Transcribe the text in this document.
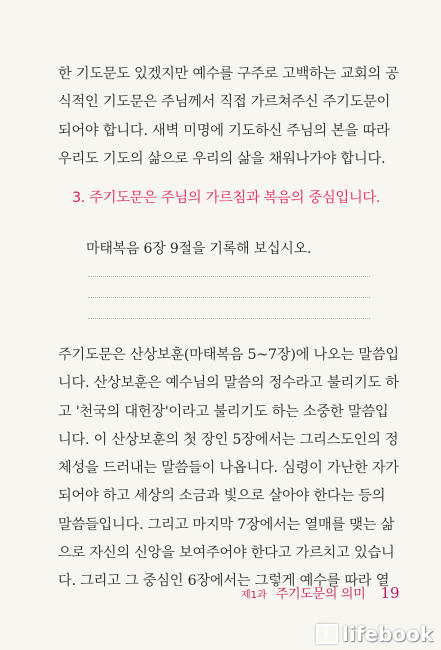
한 기도문도 있겠지만 예수를 구주로 고백하는 교회의 공
식적인 기도문은 주님께서 직접 가르쳐주신 주기도문이
되어야 합니다. 새벽 미명에 기도하신 주님의 본을 따라
우리도 기도의 삶으로 우리의 삶을 채워나가야 합니다.
3. 주기도문은 주님의 가르침과 복음의 중심입니다.
마태복음 6장 9절을 기록해 보십시오.
주기도문은 산상보훈(마태복음 5~7장)에 나오는 말씀입
니다. 산상보훈은 예수님의 말씀의 정수라고 불리기도 하
고 '천국의 대헌장'이라고 불리기도 하는 소중한 말씀입
니다. 이 산상보훈의 첫 장인 5장에서는 그리스도인의 정
체성을 드러내는 말씀들이 나옵니다. 심령이 가난한 자가
되어야 하고 세상의 소금과 빛으로 살아야 한다는 등의
말씀들입니다. 그리고 마지막 7장에서는 열매를 맺는 삶
으로 자신의 신앙을 보여주어야 한다고 가르치고 있습니
다. 그리고 그 중심인 6장에서는 그렇게 예수를 따라 열
제1과 주기도문의 의미 19
lifebook
